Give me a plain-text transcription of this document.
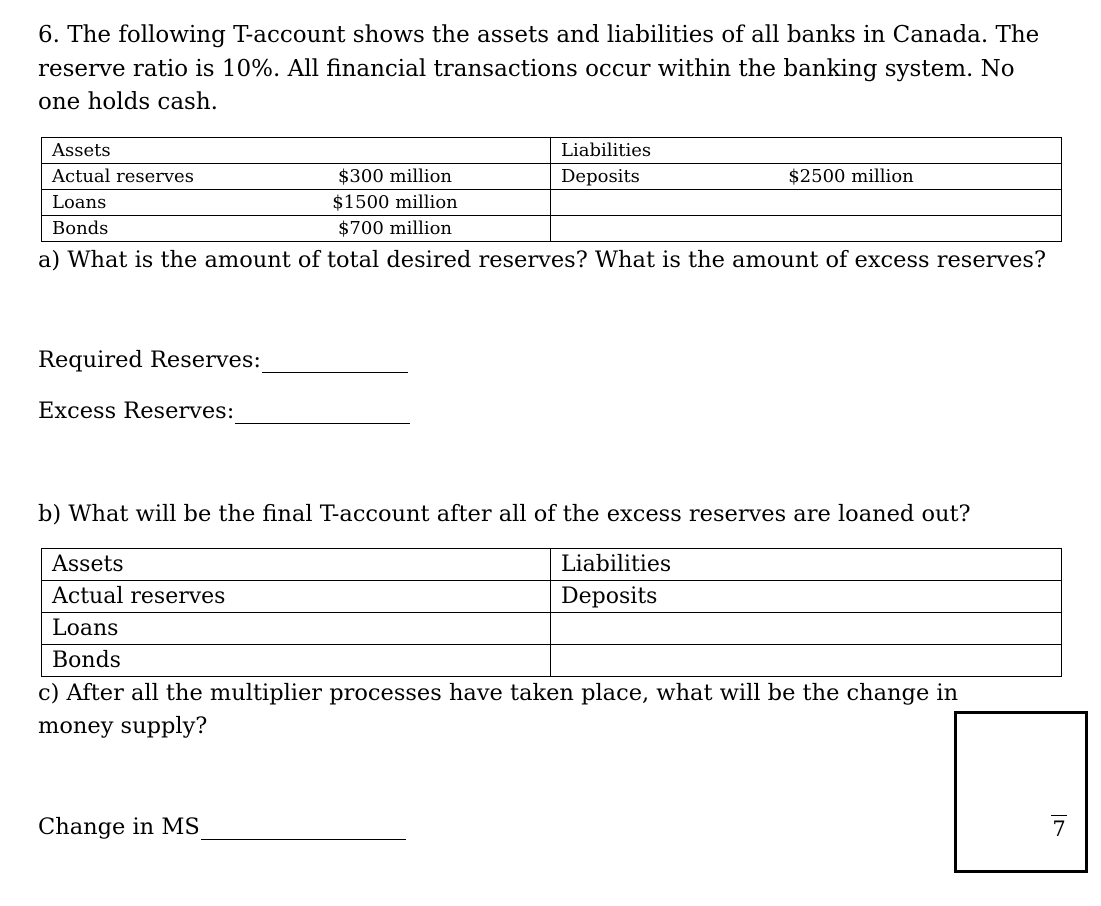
6. The following T-account shows the assets and liabilities of all banks in Canada. The reserve ratio is 10%. All financial transactions occur within the banking system. No one holds cash.

Assets	Liabilities

Actual reserves $300 million	Deposits $2500 million

Loans $1500 million	

Bonds $700 million	

a) What is the amount of total desired reserves? What is the amount of excess reserves?

Required Reserves:
Excess Reserves:

b) What will be the final T-account after all of the excess reserves are loaned out?

Assets	Liabilities
Actual reserves	Deposits
Loans	
Bonds	

c) After all the multiplier processes have taken place, what will be the change in money supply?

Change in MS	7
